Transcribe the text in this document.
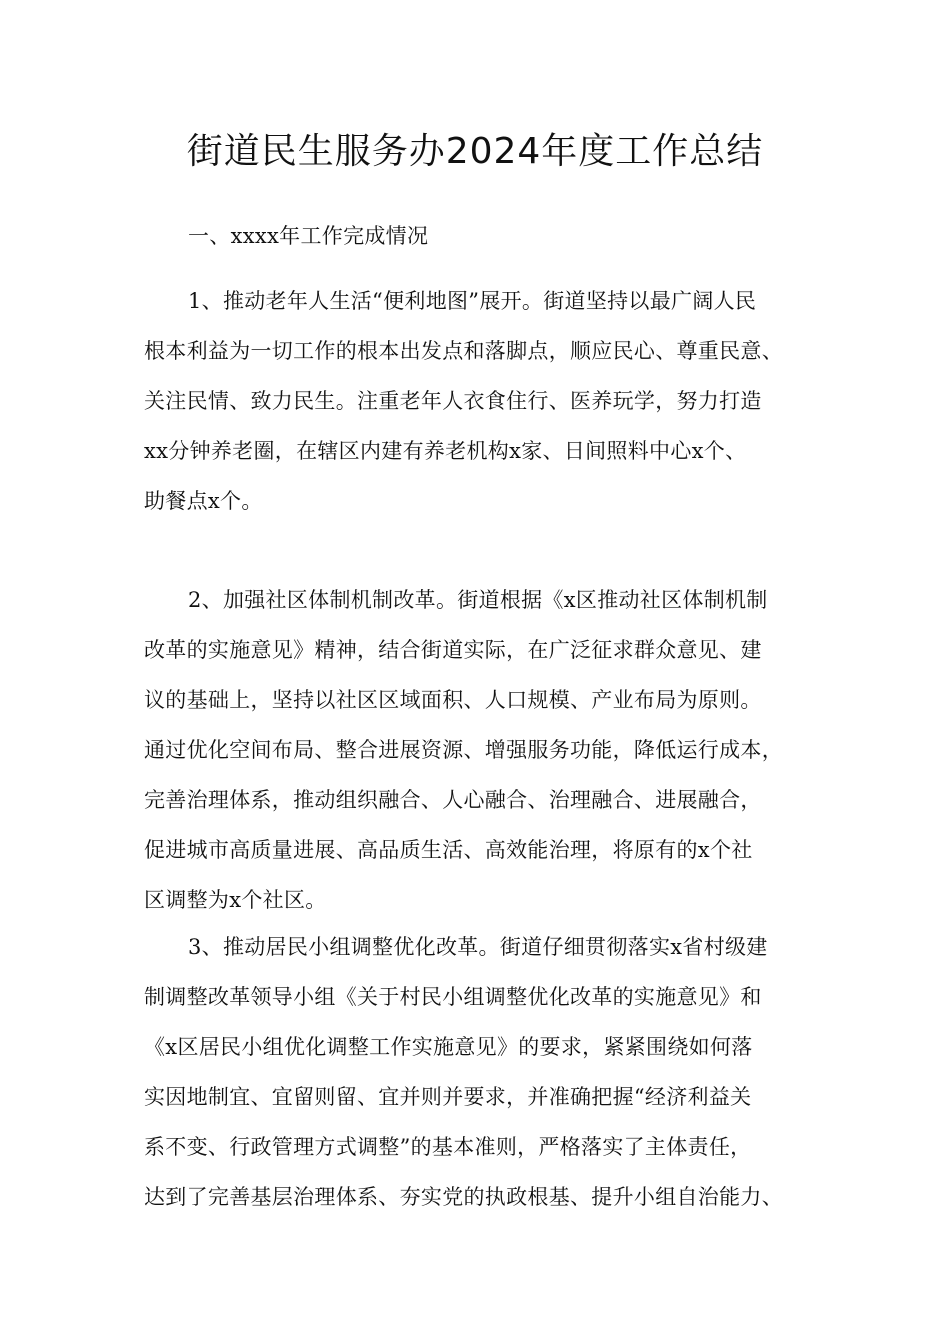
街道民生服务办2024年度工作总结
一、xxxx年工作完成情况
1、推动老年人生活“便利地图”展开。街道坚持以最广阔人民
根本利益为一切工作的根本出发点和落脚点，顺应民心、尊重民意、
关注民情、致力民生。注重老年人衣食住行、医养玩学，努力打造
xx分钟养老圈，在辖区内建有养老机构x家、日间照料中心x个、
助餐点x个。
2、加强社区体制机制改革。街道根据《x区推动社区体制机制
改革的实施意见》精神，结合街道实际，在广泛征求群众意见、建
议的基础上，坚持以社区区域面积、人口规模、产业布局为原则。
通过优化空间布局、整合进展资源、增强服务功能，降低运行成本，
完善治理体系，推动组织融合、人心融合、治理融合、进展融合，
促进城市高质量进展、高品质生活、高效能治理，将原有的x个社
区调整为x个社区。
3、推动居民小组调整优化改革。街道仔细贯彻落实x省村级建
制调整改革领导小组《关于村民小组调整优化改革的实施意见》和
《x区居民小组优化调整工作实施意见》的要求，紧紧围绕如何落
实因地制宜、宜留则留、宜并则并要求，并准确把握“经济利益关
系不变、行政管理方式调整”的基本准则，严格落实了主体责任，
达到了完善基层治理体系、夯实党的执政根基、提升小组自治能力、
